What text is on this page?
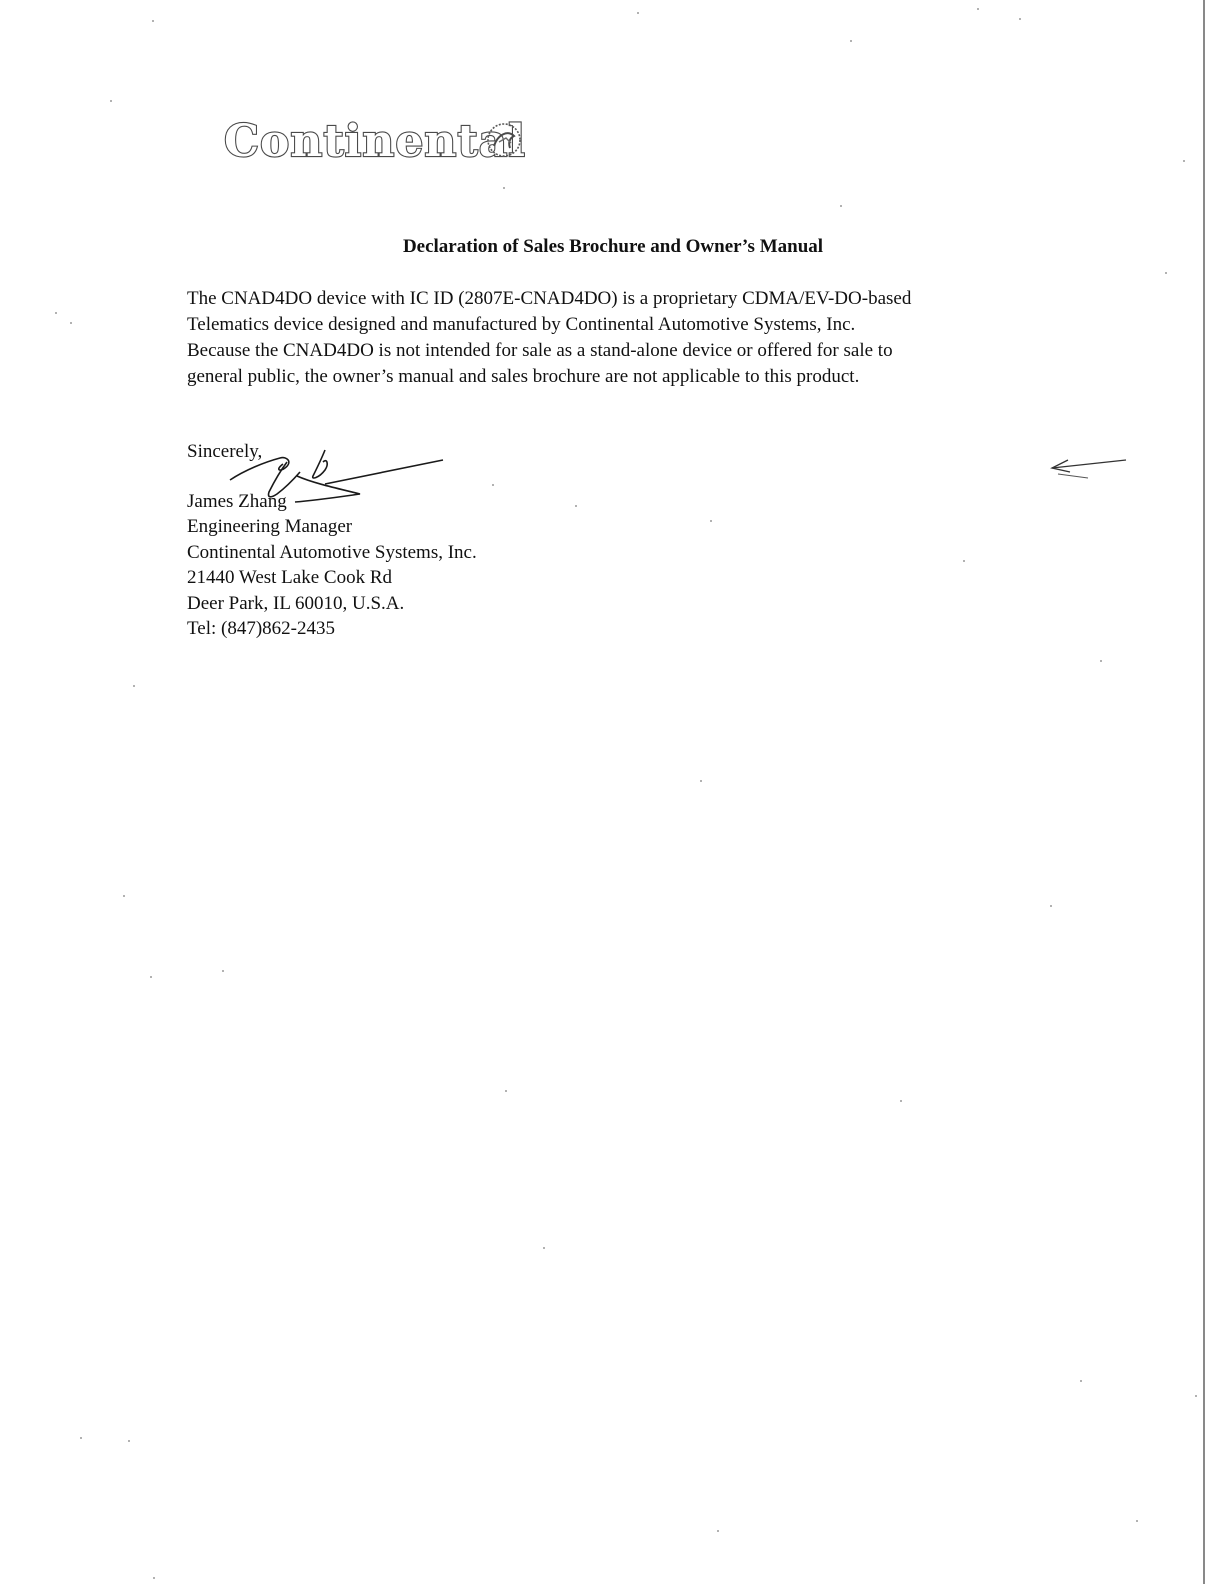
Continental
Declaration of Sales Brochure and Owner’s Manual
The CNAD4DO device with IC ID (2807E-CNAD4DO) is a proprietary CDMA/EV-DO-based
Telematics device designed and manufactured by Continental Automotive Systems, Inc.
Because the CNAD4DO is not intended for sale as a stand-alone device or offered for sale to
general public, the owner’s manual and sales brochure are not applicable to this product.
Sincerely,
James Zhang
Engineering Manager
Continental Automotive Systems, Inc.
21440 West Lake Cook Rd
Deer Park, IL 60010, U.S.A.
Tel: (847)862-2435
